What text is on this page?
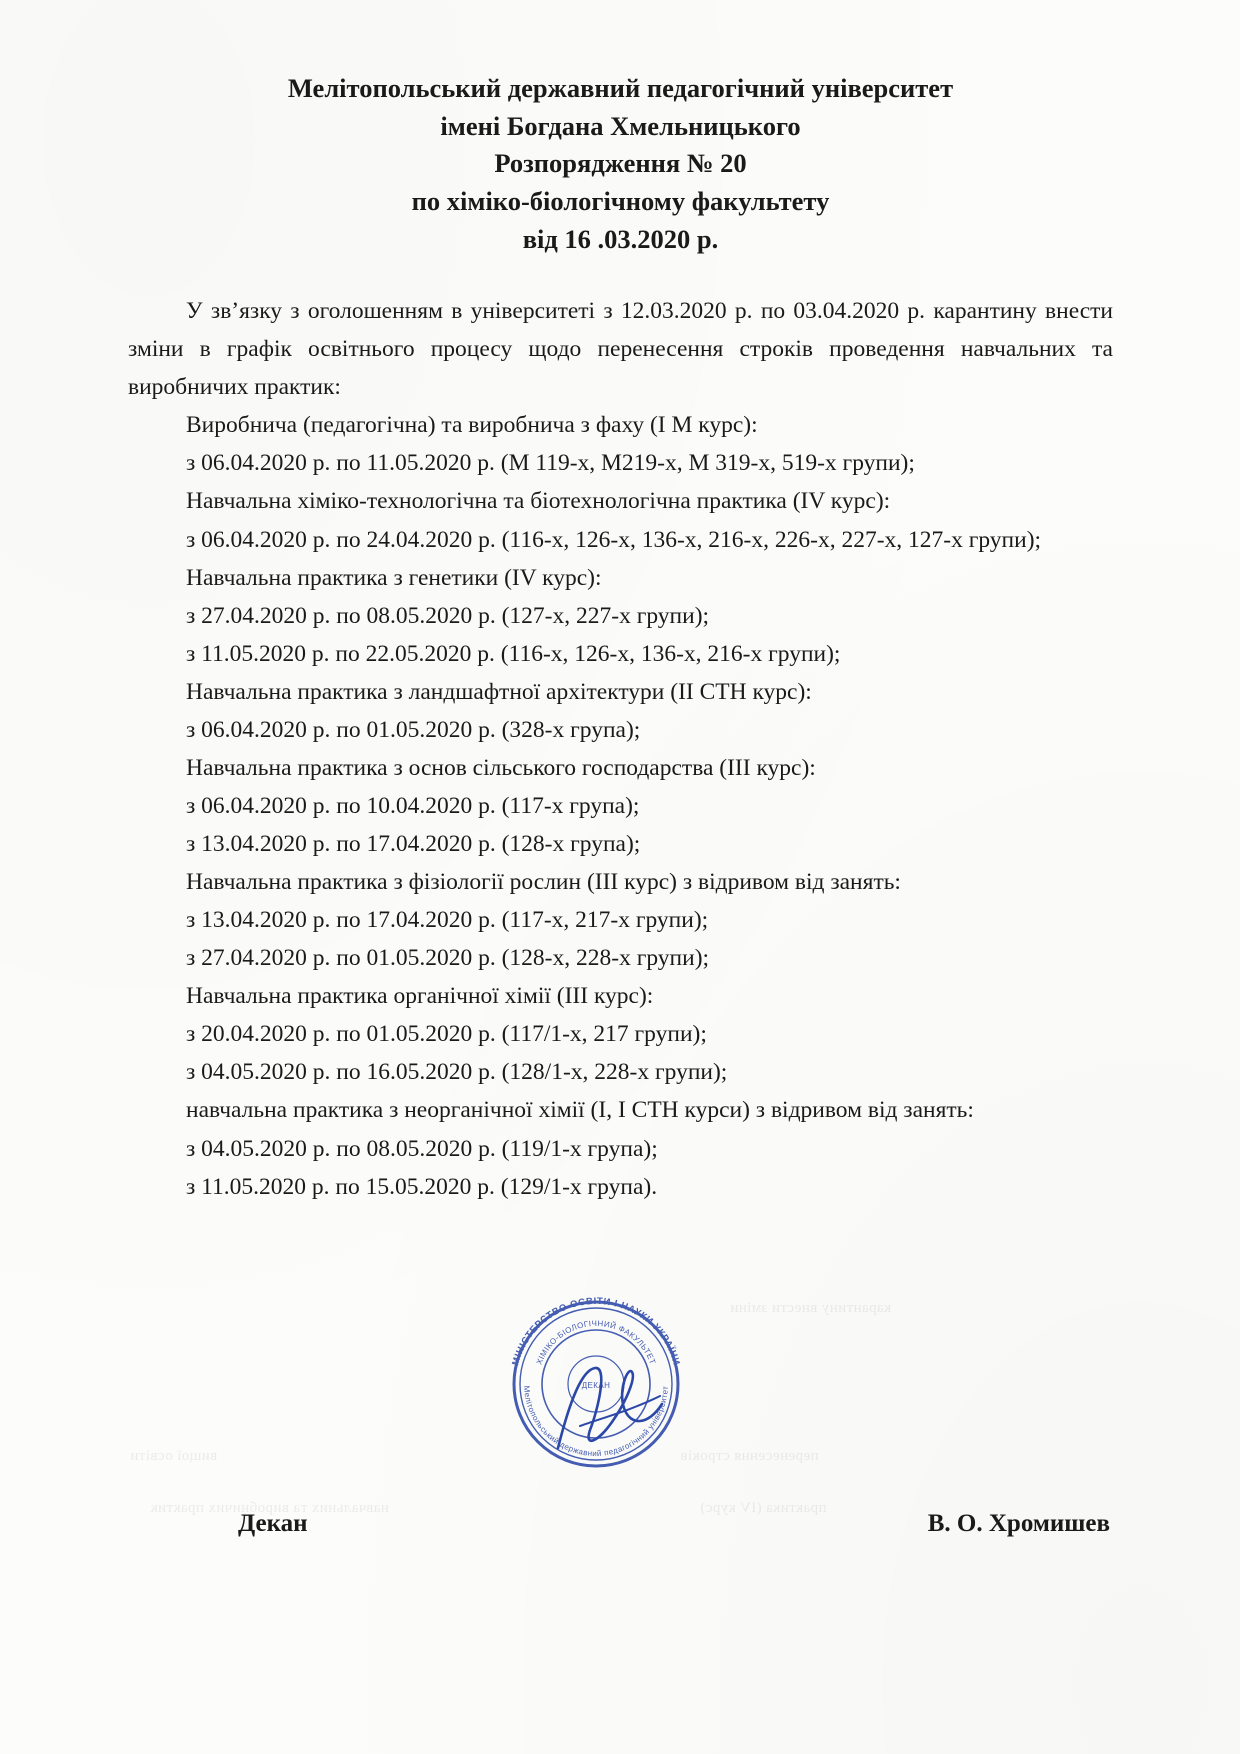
вищої освіти	перенесення строків
навчальних та виробничих практик	практика (IV курс)
карантину внести зміни
Мелітопольський державний педагогічний університет
імені Богдана Хмельницького
Розпорядження № 20
по хіміко-біологічному факультету
від 16 .03.2020 р.

У зв’язку з оголошенням в університеті з 12.03.2020 р. по 03.04.2020 р. карантину внести зміни в графік освітнього процесу щодо перенесення строків проведення навчальних та виробничих практик:

Виробнича (педагогічна) та виробнича з фаху (I М курс):

з 06.04.2020 р. по 11.05.2020 р. (М 119-х, М219-х, М 319-х, 519-х групи);

Навчальна хіміко-технологічна та біотехнологічна практика (IV курс):

з 06.04.2020 р. по 24.04.2020 р. (116-х, 126-х, 136-х, 216-х, 226-х, 227-х, 127-х групи);

Навчальна практика з генетики (IV курс):

з 27.04.2020 р. по 08.05.2020 р. (127-х, 227-х групи);

з 11.05.2020 р. по 22.05.2020 р. (116-х, 126-х, 136-х, 216-х групи);

Навчальна практика з ландшафтної архітектури (II СТН курс):

з 06.04.2020 р. по 01.05.2020 р. (328-х група);

Навчальна практика з основ сільського господарства (III курс):

з 06.04.2020 р. по 10.04.2020 р. (117-х група);

з 13.04.2020 р. по 17.04.2020 р. (128-х група);

Навчальна практика з фізіології рослин (III курс) з відривом від занять:

з 13.04.2020 р. по 17.04.2020 р. (117-х, 217-х групи);

з 27.04.2020 р. по 01.05.2020 р. (128-х, 228-х групи);

Навчальна практика органічної хімії (III курс):

з 20.04.2020 р. по 01.05.2020 р. (117/1-х, 217 групи);

з 04.05.2020 р. по 16.05.2020 р. (128/1-х, 228-х групи);

навчальна практика з неорганічної хімії (I, I СТН курси) з відривом від занять:

з 04.05.2020 р. по 08.05.2020 р. (119/1-х група);

з 11.05.2020 р. по 15.05.2020 р. (129/1-х група).

МІНІСТЕРСТВО ОСВІТИ І НАУКИ УКРАЇНИ
Мелітопольський державний педагогічний університет
ХІМІКО-БІОЛОГІЧНИЙ ФАКУЛЬТЕТ
ДЕКАН
Декан	В. О. Хромишев
